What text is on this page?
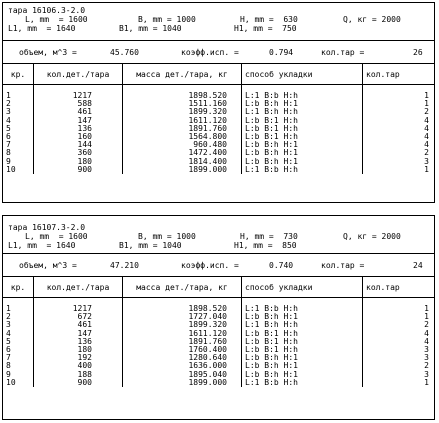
тара 16106.3-2.0
L, mm  = 1600	B, mm = 1000	H, mm =  630	Q, кг = 2000
L1, mm  = 1640	B1, mm = 1040	H1, mm =  750
объем, м^3 =	45.760	коэфф.исп. =	0.794	кол.тар =	26
кр.	кол.дет./тара	масса дет./тара, кг	способ укладки	кол.тар
1	1217	1898.520	L:1 B:b H:h	1
2	588	1511.160	L:b B:h H:1	1
3	461	1899.320	L:1 B:h H:h	2
4	147	1611.120	L:b B:1 H:h	4
5	136	1891.760	L:b B:1 H:h	4
6	160	1564.800	L:b B:1 H:h	4
7	144	960.480	L:b B:h H:1	4
8	360	1472.400	L:b B:h H:1	2
9	180	1814.400	L:b B:h H:1	3
10	900	1899.000	L:1 B:b H:h	1
тара 16107.3-2.0
L, mm  = 1600	B, mm = 1000	H, mm =  730	Q, кг = 2000
L1, mm  = 1640	B1, mm = 1040	H1, mm =  850
объем, м^3 =	47.210	коэфф.исп. =	0.740	кол.тар =	24
кр.	кол.дет./тара	масса дет./тара, кг	способ укладки	кол.тар
1	1217	1898.520	L:1 B:b H:h	1
2	672	1727.040	L:b B:h H:1	1
3	461	1899.320	L:1 B:h H:h	2
4	147	1611.120	L:b B:1 H:h	4
5	136	1891.760	L:b B:1 H:h	4
6	180	1760.400	L:b B:1 H:h	3
7	192	1280.640	L:b B:h H:1	3
8	400	1636.000	L:b B:h H:1	2
9	188	1895.040	L:b B:h H:1	3
10	900	1899.000	L:1 B:b H:h	1
